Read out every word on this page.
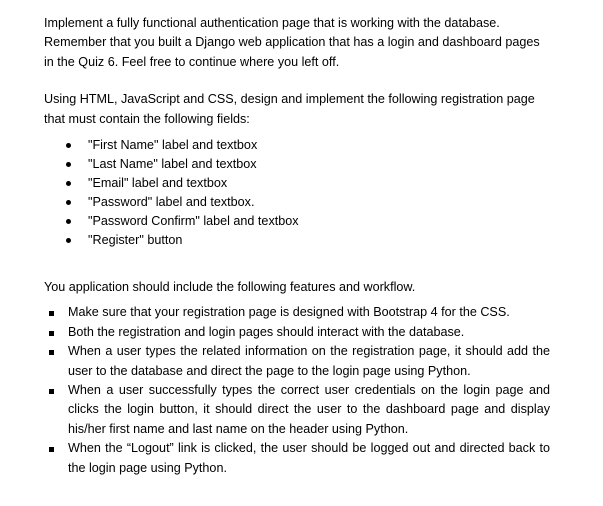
Implement a fully functional authentication page that is working with the database. Remember that you built a Django web application that has a login and dashboard pages in the Quiz 6. Feel free to continue where you left off.

Using HTML, JavaScript and CSS, design and implement the following registration page that must contain the following fields:

"First Name" label and textbox
"Last Name" label and textbox
"Email" label and textbox
"Password" label and textbox.
"Password Confirm" label and textbox
"Register" button

You application should include the following features and workflow.

Make sure that your registration page is designed with Bootstrap 4 for the CSS.
Both the registration and login pages should interact with the database.
When a user types the related information on the registration page, it should add the user to the database and direct the page to the login page using Python.
When a user successfully types the correct user credentials on the login page and clicks the login button, it should direct the user to the dashboard page and display his/her first name and last name on the header using Python.
When the “Logout” link is clicked, the user should be logged out and directed back to the login page using Python.
